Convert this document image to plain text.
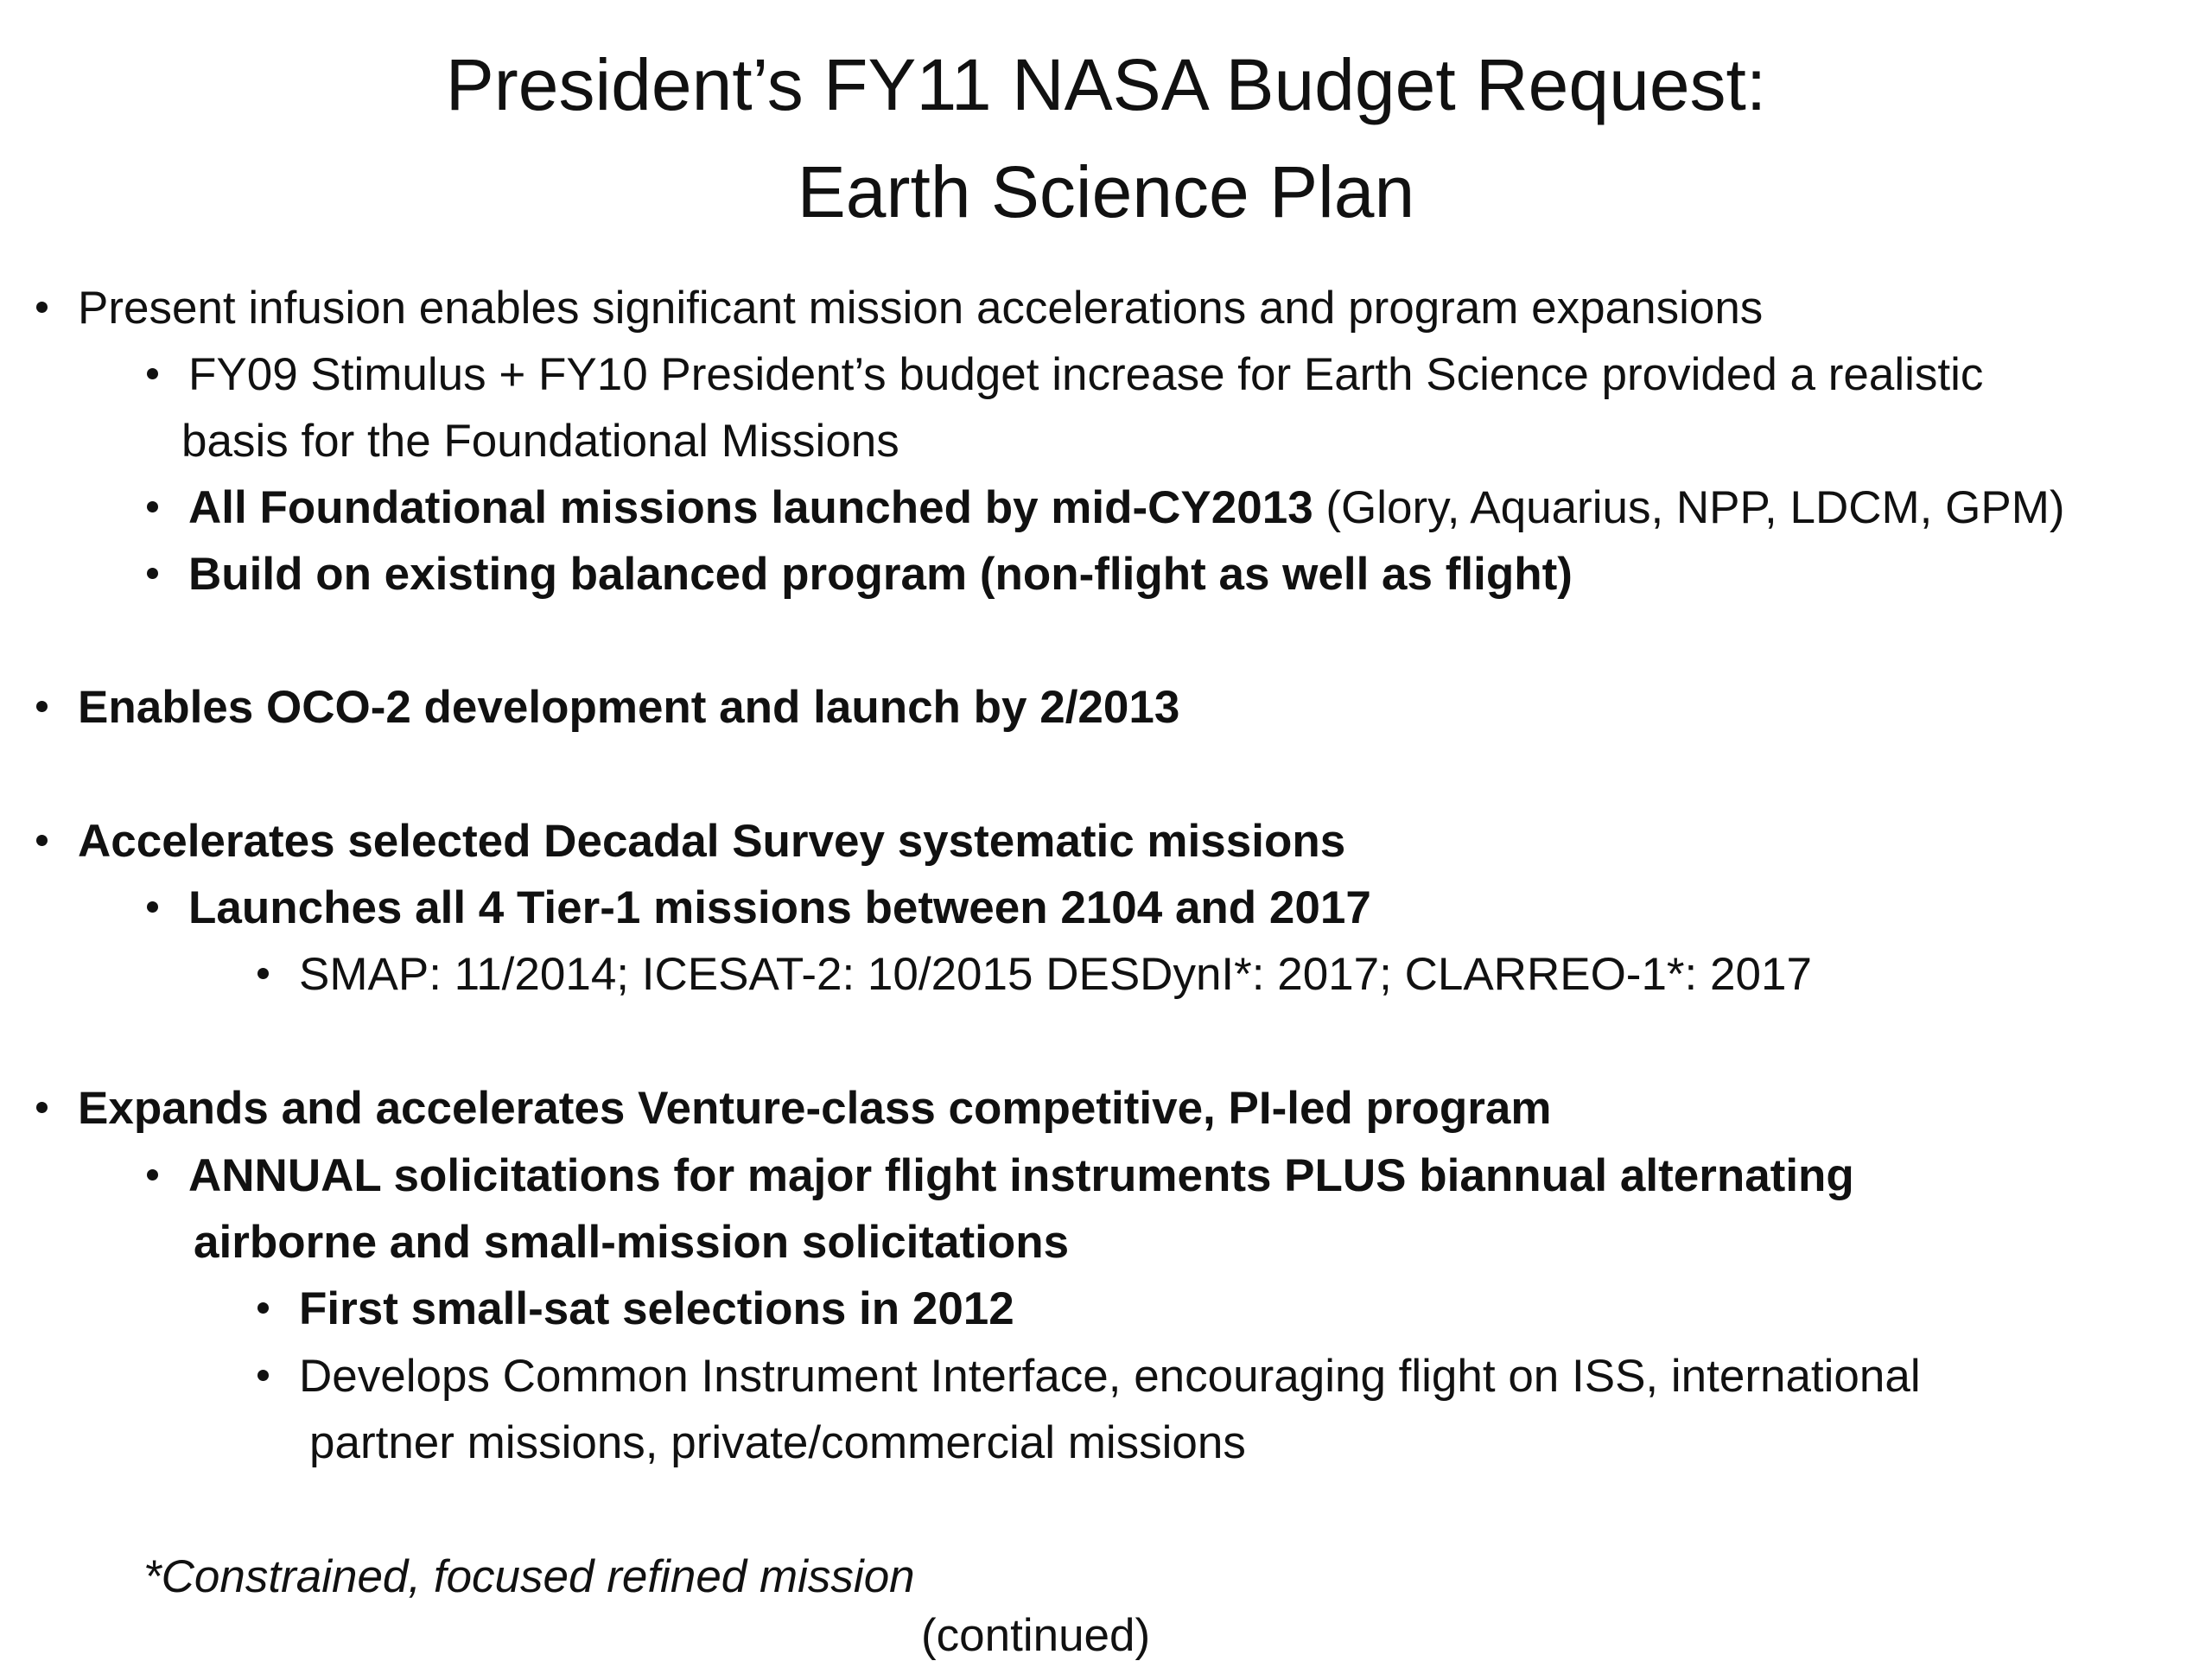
President’s FY11 NASA Budget Request:
Earth Science Plan
Present infusion enables significant mission accelerations and program expansions
FY09 Stimulus + FY10 President’s budget increase for Earth Science provided a realistic
basis for the Foundational Missions
All Foundational missions launched by mid-CY2013 (Glory, Aquarius, NPP, LDCM, GPM)
Build on existing balanced program (non-flight as well as flight)
Enables OCO-2 development and launch by 2/2013
Accelerates selected Decadal Survey systematic missions
Launches all 4 Tier-1 missions between 2104 and 2017
SMAP: 11/2014; ICESAT-2: 10/2015 DESDynI*: 2017; CLARREO-1*: 2017
Expands and accelerates Venture-class competitive, PI-led program
ANNUAL solicitations for major flight instruments PLUS biannual alternating
airborne and small-mission solicitations
First small-sat selections in 2012
Develops Common Instrument Interface, encouraging flight on ISS, international
partner missions, private/commercial missions
*Constrained, focused refined mission
(continued)
